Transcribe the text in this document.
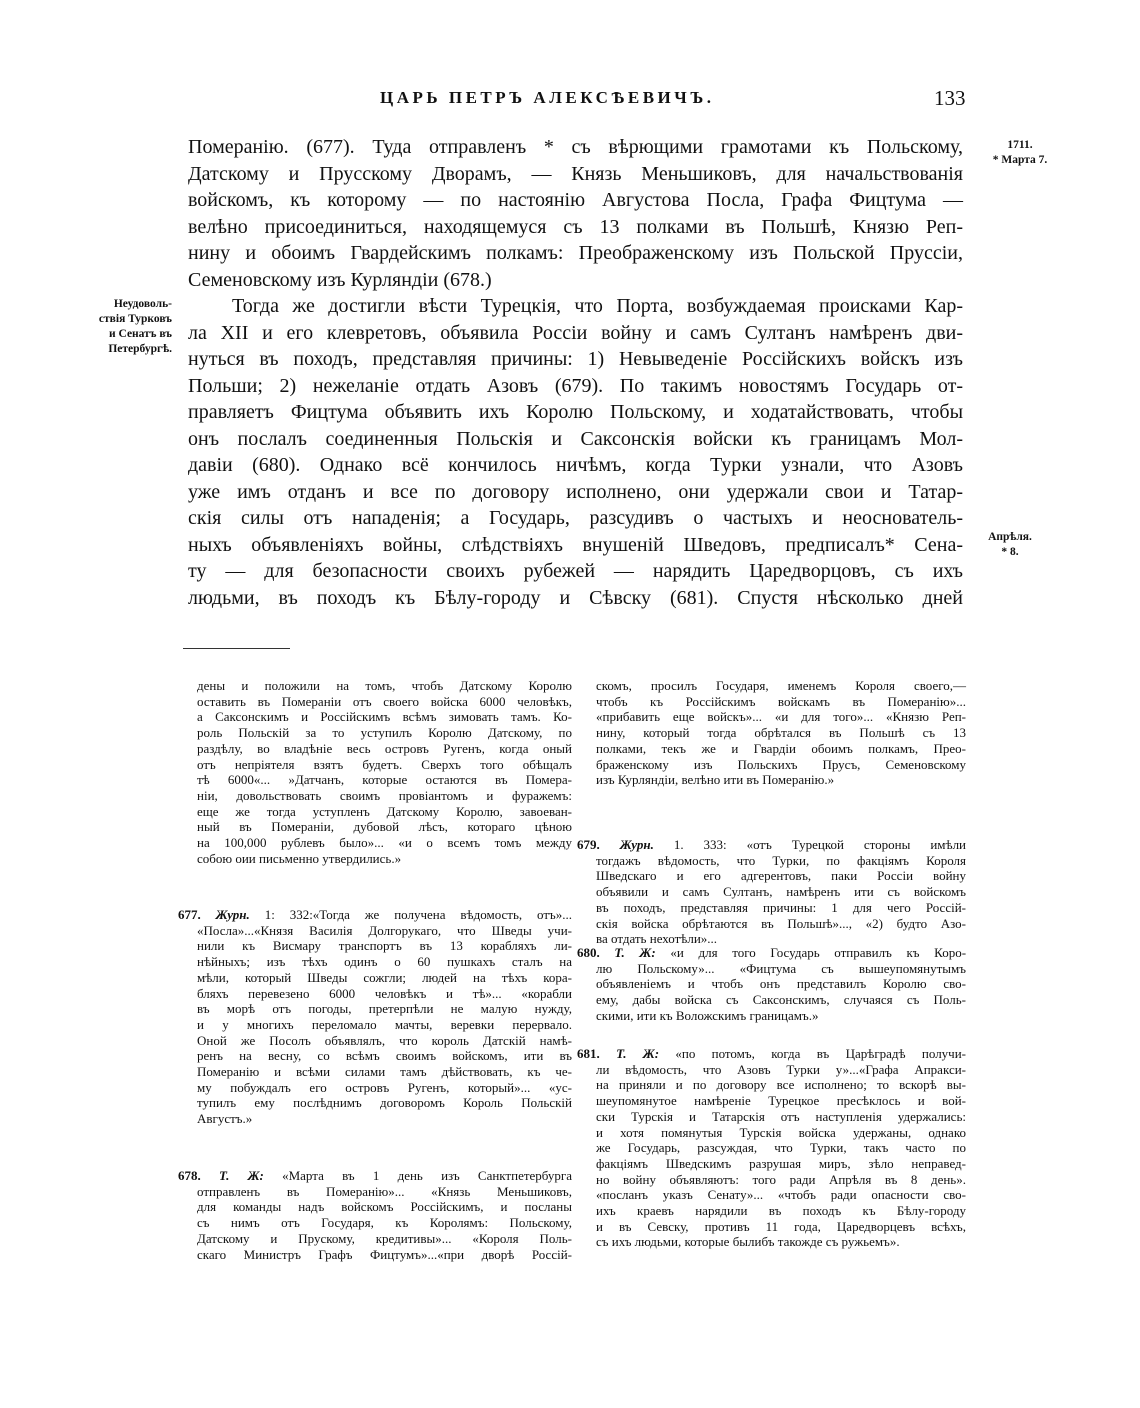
ЦАРЬ ПЕТРЪ АЛЕКСѢЕВИЧЪ.	133
Померанію. (677). Туда отправленъ * съ вѣрющими грамотами къ Польскому,
Датскому и Прусскому Дворамъ, — Князь Меньшиковъ, для начальствованія
войскомъ, къ которому — по настоянію Августова Посла, Графа Фицтума —
велѣно присоединиться, находящемуся съ 13 полками въ Польшѣ, Князю Реп-
нину и обоимъ Гвардейскимъ полкамъ: Преображенскому изъ Польской Пруссіи,
Семеновскому изъ Курляндіи (678.)
Тогда же достигли вѣсти Турецкія, что Порта, возбуждаемая происками Кар-
ла XII и его клевретовъ, объявила Россіи войну и самъ Султанъ намѣренъ дви-
нуться въ походъ, представляя причины: 1) Невыведеніе Россійскихъ войскъ изъ
Польши; 2) нежеланіе отдать Азовъ (679). По такимъ новостямъ Государь от-
правляетъ Фицтума объявить ихъ Королю Польскому, и ходатайствовать, чтобы
онъ послалъ соединенныя Польскія и Саксонскія войски къ границамъ Мол-
давіи (680). Однако всё кончилось ничѣмъ, когда Турки узнали, что Азовъ
уже имъ отданъ и все по договору исполнено, они удержали свои и Татар-
скія силы отъ нападенія; а Государь, разсудивъ о частыхъ и неоснователь-
ныхъ объявленіяхъ войны, слѣдствіяхъ внушеній Шведовъ, предписалъ* Сена-
ту — для безопасности своихъ рубежей — нарядить Царедворцовъ, съ ихъ
людьми, въ походъ къ Бѣлу-городу и Сѣвску (681). Спустя нѣсколько дней
Неудоволь-
ствія Турковъ
и Сенатъ въ
Петербургѣ.
1711.
* Марта 7.
Апрѣля.
* 8.
дены и положили на томъ, чтобъ Датскому Королю
оставить въ Помераніи отъ своего войска 6000 человѣкъ,
а Саксонскимъ и Россійскимъ всѣмъ зимовать тамъ. Ко-
роль Польскій за то уступилъ Королю Датскому, по
раздѣлу, во владѣніе весь островъ Ругенъ, когда оный
отъ непріятеля взятъ будетъ. Сверхъ того обѣщалъ
тѣ 6000«... »Датчанъ, которые остаются въ Помера-
ніи, довольствовать своимъ провіантомъ и фуражемъ:
еще же тогда уступленъ Датскому Королю, завоеван-
ный въ Помераніи, дубовой лѣсъ, котораго цѣною
на 100,000 рублевъ было»... «и о всемъ томъ между
собою оии письменно утвердились.»
677. Журн. 1: 332:«Тогда же получена вѣдомость, отъ»...
«Посла»...«Князя Василія Долгорукаго, что Шведы учи-
нили къ Висмару транспортъ въ 13 корабляхъ ли-
нѣйныхъ; изъ тѣхъ одинъ о 60 пушкахъ сталъ на
мѣли, который Шведы сожгли; людей на тѣхъ кора-
бляхъ перевезено 6000 человѣкъ и тѣ»... «корабли
въ морѣ отъ погоды, претерпѣли не малую нужду,
и у многихъ переломало мачты, веревки перервало.
Оной же Посолъ объявлялъ, что король Датскій намѣ-
ренъ на весну, со всѣмъ своимъ войскомъ, ити въ
Померанію и всѣми силами тамъ дѣйствовать, къ че-
му побуждалъ его островъ Ругенъ, который»... «ус-
тупилъ ему послѣднимъ договоромъ Король Польскій
Августъ.»
678. Т. Ж: «Марта въ 1 день изъ Санктпетербурга
отправленъ въ Померанію»... «Князь Меньшиковъ,
для команды надъ войскомъ Россійскимъ, и посланы
съ нимъ отъ Государя, къ Королямъ: Польскому,
Датскому и Прускому, кредитивы»... «Короля Поль-
скаго Министръ Графъ Фицтумъ»...«при дворѣ Россій-
скомъ, просилъ Государя, именемъ Короля своего,—
чтобъ къ Россійскимъ войскамъ въ Померанію»...
«прибавить еще войскъ»... «и для того»... «Князю Реп-
нину, который тогда обрѣтался въ Польшѣ съ 13
полками, текъ же и Гвардіи обоимъ полкамъ, Прео-
браженскому изъ Польскихъ Прусъ, Семеновскому
изъ Курляндіи, велѣно ити въ Померанію.»
679. Журн. 1. 333: «отъ Турецкой стороны имѣли
тогдажъ вѣдомость, что Турки, по факціямъ Короля
Шведскаго и его адгерентовъ, паки Россіи войну
объявили и самъ Султанъ, намѣренъ ити съ войскомъ
въ походъ, представляя причины: 1 для чего Россій-
скія войска обрѣтаются въ Польшѣ»..., «2) будто Азо-
ва отдать нехотѣли»...
680. Т. Ж: «и для того Государь отправилъ къ Коро-
лю Польскому»... «Фицтума съ вышеупомянутымъ
объявленіемъ и чтобъ онъ представилъ Королю сво-
ему, дабы войска съ Саксонскимъ, случаяся съ Поль-
скими, ити къ Воложскимъ границамъ.»
681. Т. Ж: «по потомъ, когда въ Царѣградѣ получи-
ли вѣдомость, что Азовъ Турки у»...«Графа Апракси-
на приняли и по договору все исполнено; то вскорѣ вы-
шеупомянутое намѣреніе Турецкое пресѣклось и вой-
ски Турскія и Татарскія отъ наступленія удержались:
и хотя помянутыя Турскія войска удержаны, однако
же Государь, разсуждая, что Турки, такъ часто по
факціямъ Шведскимъ разрушая миръ, зѣло неправед-
но войну объявляютъ: того ради Апрѣля въ 8 день».
«посланъ указъ Сенату»... «чтобъ ради опасности сво-
ихъ краевъ нарядили въ походъ къ Бѣлу-городу
и въ Севску, противъ 11 года, Царедворцевъ всѣхъ,
съ ихъ людьми, которые былибъ такожде съ ружьемъ».
